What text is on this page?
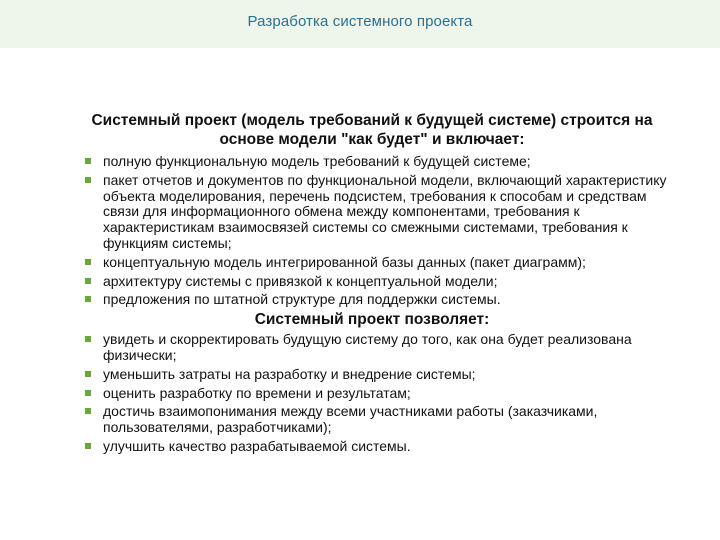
Разработка системного проекта

Системный проект (модель требований к будущей системе) строится на основе модели "как будет" и включает:

полную функциональную модель требований к будущей системе;
пакет отчетов и документов по функциональной модели, включающий характеристику объекта моделирования, перечень подсистем, требования к способам и средствам связи для информационного обмена между компонентами, требования к характеристикам взаимосвязей системы со смежными системами, требования к функциям системы;
концептуальную модель интегрированной базы данных (пакет диаграмм);
архитектуру системы с привязкой к концептуальной модели;
предложения по штатной структуре для поддержки системы.

Системный проект позволяет:

увидеть и скорректировать будущую систему до того, как она будет реализована физически;
уменьшить затраты на разработку и внедрение системы;
оценить разработку по времени и результатам;
достичь взаимопонимания между всеми участниками работы (заказчиками, пользователями, разработчиками);
улучшить качество разрабатываемой системы.
